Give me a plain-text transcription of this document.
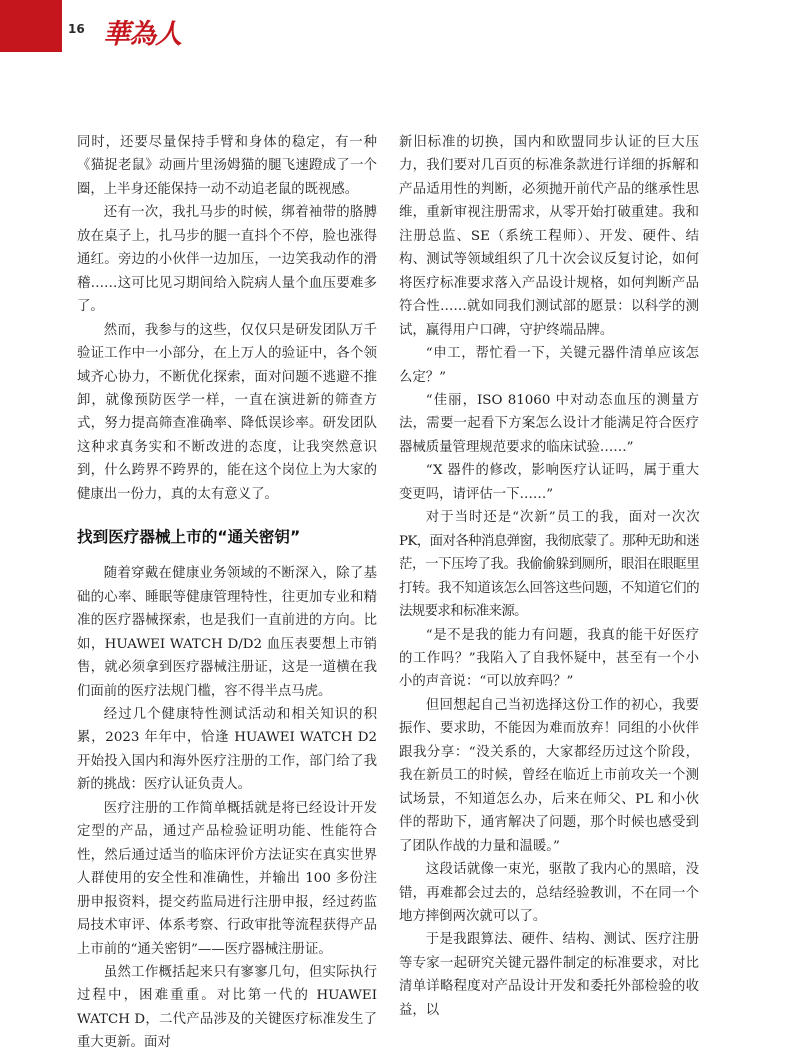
16 華為人

同时，还要尽量保持手臂和身体的稳定，有一种《猫捉老鼠》动画片里汤姆猫的腿飞速蹬成了一个圈，上半身还能保持一动不动追老鼠的既视感。

还有一次，我扎马步的时候，绑着袖带的胳膊放在桌子上，扎马步的腿一直抖个不停，脸也涨得通红。旁边的小伙伴一边加压，一边笑我动作的滑稽……这可比见习期间给入院病人量个血压要难多了。

然而，我参与的这些，仅仅只是研发团队万千验证工作中一小部分，在上万人的验证中，各个领域齐心协力，不断优化探索，面对问题不逃避不推卸，就像预防医学一样，一直在演进新的筛查方式，努力提高筛查准确率、降低误诊率。研发团队这种求真务实和不断改进的态度，让我突然意识到，什么跨界不跨界的，能在这个岗位上为大家的健康出一份力，真的太有意义了。

找到医疗器械上市的“通关密钥”

随着穿戴在健康业务领域的不断深入，除了基础的心率、睡眠等健康管理特性，往更加专业和精准的医疗器械探索，也是我们一直前进的方向。比如，HUAWEI WATCH D/D2 血压表要想上市销售，就必须拿到医疗器械注册证，这是一道横在我们面前的医疗法规门槛，容不得半点马虎。

经过几个健康特性测试活动和相关知识的积累，2023 年年中，恰逢 HUAWEI WATCH D2 开始投入国内和海外医疗注册的工作，部门给了我新的挑战：医疗认证负责人。

医疗注册的工作简单概括就是将已经设计开发定型的产品，通过产品检验证明功能、性能符合性，然后通过适当的临床评价方法证实在真实世界人群使用的安全性和准确性，并输出 100 多份注册申报资料，提交药监局进行注册申报，经过药监局技术审评、体系考察、行政审批等流程获得产品上市前的“通关密钥”——医疗器械注册证。

虽然工作概括起来只有寥寥几句，但实际执行过程中，困难重重。对比第一代的 HUAWEI WATCH D，二代产品涉及的关键医疗标准发生了重大更新。面对

新旧标准的切换，国内和欧盟同步认证的巨大压力，我们要对几百页的标准条款进行详细的拆解和产品适用性的判断，必须抛开前代产品的继承性思维，重新审视注册需求，从零开始打破重建。我和注册总监、SE（系统工程师）、开发、硬件、结构、测试等领域组织了几十次会议反复讨论，如何将医疗标准要求落入产品设计规格，如何判断产品符合性……就如同我们测试部的愿景：以科学的测试，赢得用户口碑，守护终端品牌。

“申工，帮忙看一下，关键元器件清单应该怎么定？”

“佳丽，ISO 81060 中对动态血压的测量方法，需要一起看下方案怎么设计才能满足符合医疗器械质量管理规范要求的临床试验……”

“X 器件的修改，影响医疗认证吗，属于重大变更吗，请评估一下……”

对于当时还是“次新”员工的我，面对一次次 PK，面对各种消息弹窗，我彻底蒙了。那种无助和迷茫，一下压垮了我。我偷偷躲到厕所，眼泪在眼眶里打转。我不知道该怎么回答这些问题，不知道它们的法规要求和标准来源。

“是不是我的能力有问题，我真的能干好医疗的工作吗？”我陷入了自我怀疑中，甚至有一个小小的声音说：“可以放弃吗？”

但回想起自己当初选择这份工作的初心，我要振作、要求助，不能因为难而放弃！同组的小伙伴跟我分享：“没关系的，大家都经历过这个阶段，我在新员工的时候，曾经在临近上市前攻关一个测试场景，不知道怎么办，后来在师父、PL 和小伙伴的帮助下，通宵解决了问题，那个时候也感受到了团队作战的力量和温暖。”

这段话就像一束光，驱散了我内心的黑暗，没错，再难都会过去的，总结经验教训，不在同一个地方摔倒两次就可以了。

于是我跟算法、硬件、结构、测试、医疗注册等专家一起研究关键元器件制定的标准要求，对比清单详略程度对产品设计开发和委托外部检验的收益，以
